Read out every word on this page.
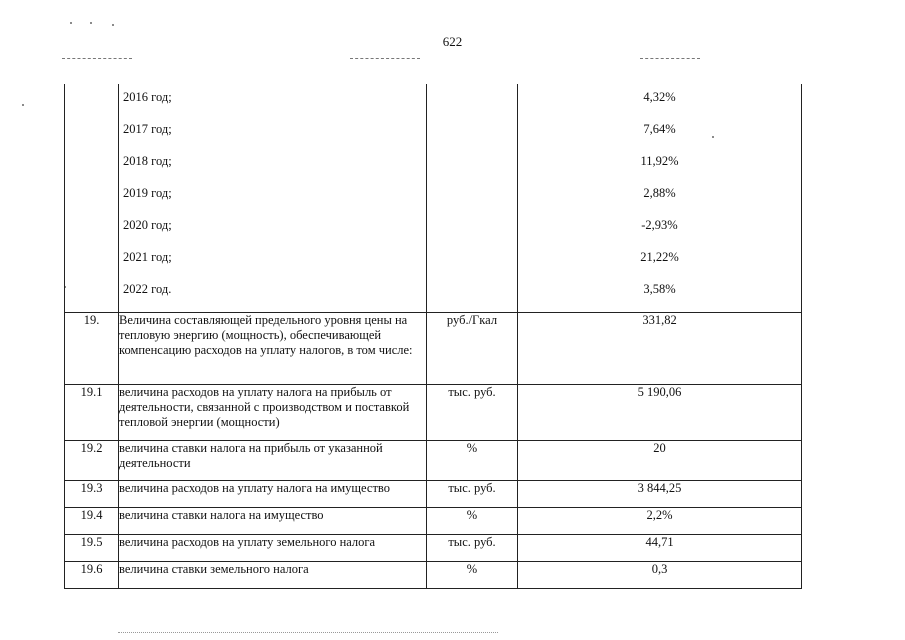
622
	2016 год;		4,32%
	2017 год;		7,64%
	2018 год;		11,92%
	2019 год;		2,88%
	2020 год;		-2,93%
	2021 год;		21,22%
	2022 год.		3,58%
19.	Величина составляющей предельного уровня цены на тепловую энергию (мощность), обеспечивающей компенсацию расходов на уплату налогов, в том числе:	руб./Гкал	331,82
19.1	величина расходов на уплату налога на прибыль от деятельности, связанной с производством и поставкой тепловой энергии (мощности)	тыс. руб.	5 190,06
19.2	величина ставки налога на прибыль от указанной деятельности	%	20
19.3	величина расходов на уплату налога на имущество	тыс. руб.	3 844,25
19.4	величина ставки налога на имущество	%	2,2%
19.5	величина расходов на уплату земельного налога	тыс. руб.	44,71
19.6	величина ставки земельного налога	%	0,3
